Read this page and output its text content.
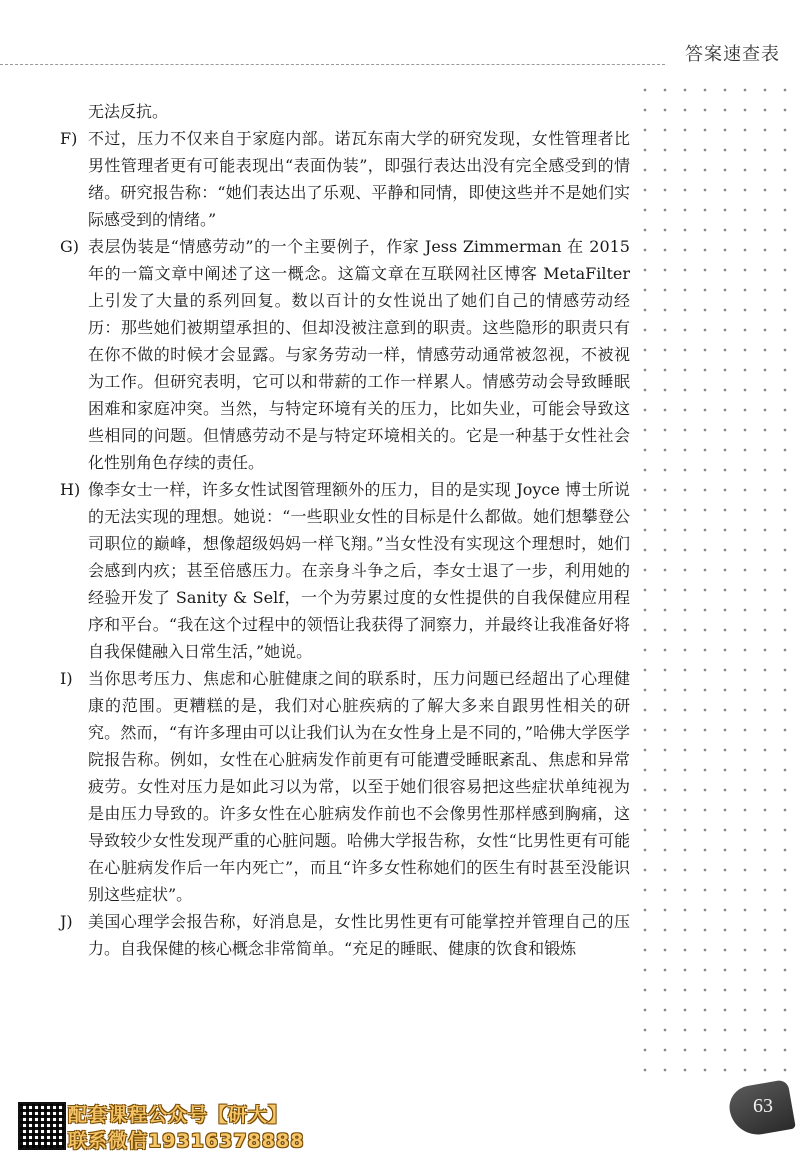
答案速查表
无法反抗。
F) 不过，压力不仅来自于家庭内部。诺瓦东南大学的研究发现，女性管理者比男性管理者更有可能表现出“表面伪装”，即强行表达出没有完全感受到的情绪。研究报告称：“她们表达出了乐观、平静和同情，即使这些并不是她们实际感受到的情绪。”
G) 表层伪装是“情感劳动”的一个主要例子，作家 Jess Zimmerman 在 2015 年的一篇文章中阐述了这一概念。这篇文章在互联网社区博客 MetaFilter 上引发了大量的系列回复。数以百计的女性说出了她们自己的情感劳动经历：那些她们被期望承担的、但却没被注意到的职责。这些隐形的职责只有在你不做的时候才会显露。与家务劳动一样，情感劳动通常被忽视，不被视为工作。但研究表明，它可以和带薪的工作一样累人。情感劳动会导致睡眠困难和家庭冲突。当然，与特定环境有关的压力，比如失业，可能会导致这些相同的问题。但情感劳动不是与特定环境相关的。它是一种基于女性社会化性别角色存续的责任。
H) 像李女士一样，许多女性试图管理额外的压力，目的是实现 Joyce 博士所说的无法实现的理想。她说：“一些职业女性的目标是什么都做。她们想攀登公司职位的巅峰，想像超级妈妈一样飞翔。”当女性没有实现这个理想时，她们会感到内疚；甚至倍感压力。在亲身斗争之后，李女士退了一步，利用她的经验开发了 Sanity & Self，一个为劳累过度的女性提供的自我保健应用程序和平台。“我在这个过程中的领悟让我获得了洞察力，并最终让我准备好将自我保健融入日常生活，”她说。
I) 当你思考压力、焦虑和心脏健康之间的联系时，压力问题已经超出了心理健康的范围。更糟糕的是，我们对心脏疾病的了解大多来自跟男性相关的研究。然而，“有许多理由可以让我们认为在女性身上是不同的，”哈佛大学医学院报告称。例如，女性在心脏病发作前更有可能遭受睡眠紊乱、焦虑和异常疲劳。女性对压力是如此习以为常，以至于她们很容易把这些症状单纯视为是由压力导致的。许多女性在心脏病发作前也不会像男性那样感到胸痛，这导致较少女性发现严重的心脏问题。哈佛大学报告称，女性“比男性更有可能在心脏病发作后一年内死亡”，而且“许多女性称她们的医生有时甚至没能识别这些症状”。
J) 美国心理学会报告称，好消息是，女性比男性更有可能掌控并管理自己的压力。自我保健的核心概念非常简单。“充足的睡眠、健康的饮食和锻炼
63
配套课程公众号【研大】
联系微信19316378888
